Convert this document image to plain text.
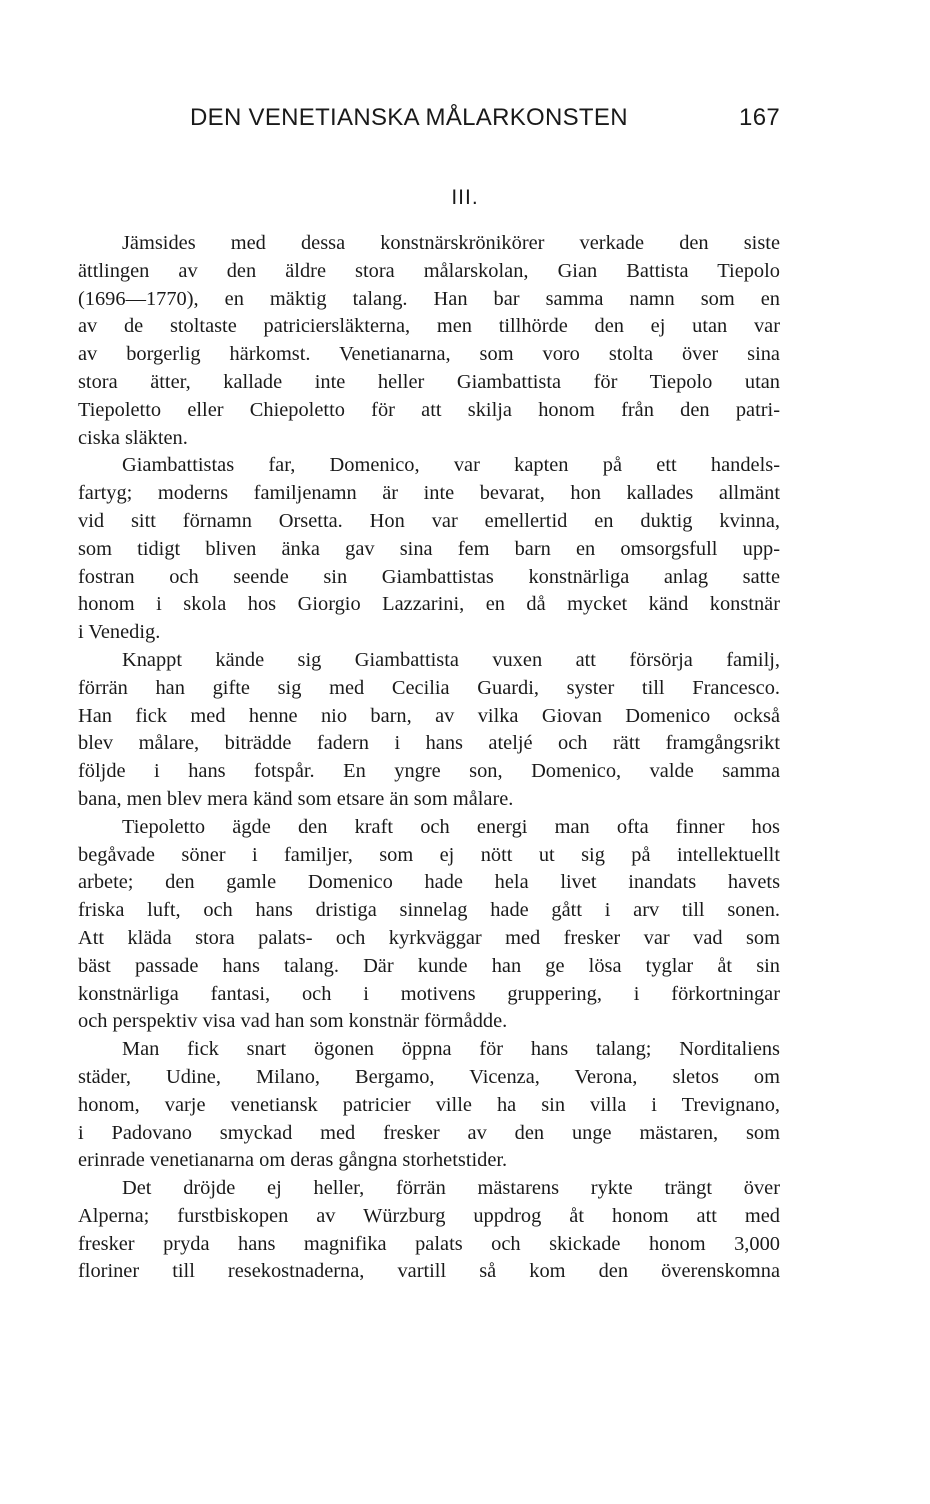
DEN VENETIANSKA MÅLARKONSTEN	167
III.
Jämsides med dessa konstnärskrönikörer verkade den siste
ättlingen av den äldre stora målarskolan, Gian Battista Tiepolo
(1696—1770), en mäktig talang. Han bar samma namn som en
av de stoltaste patriciersläkterna, men tillhörde den ej utan var
av borgerlig härkomst. Venetianarna, som voro stolta över sina
stora ätter, kallade inte heller Giambattista för Tiepolo utan
Tiepoletto eller Chiepoletto för att skilja honom från den patri-
ciska släkten.
Giambattistas far, Domenico, var kapten på ett handels-
fartyg; moderns familjenamn är inte bevarat, hon kallades allmänt
vid sitt förnamn Orsetta. Hon var emellertid en duktig kvinna,
som tidigt bliven änka gav sina fem barn en omsorgsfull upp-
fostran och seende sin Giambattistas konstnärliga anlag satte
honom i skola hos Giorgio Lazzarini, en då mycket känd konstnär
i Venedig.
Knappt kände sig Giambattista vuxen att försörja familj,
förrän han gifte sig med Cecilia Guardi, syster till Francesco.
Han fick med henne nio barn, av vilka Giovan Domenico också
blev målare, biträdde fadern i hans ateljé och rätt framgångsrikt
följde i hans fotspår. En yngre son, Domenico, valde samma
bana, men blev mera känd som etsare än som målare.
Tiepoletto ägde den kraft och energi man ofta finner hos
begåvade söner i familjer, som ej nött ut sig på intellektuellt
arbete; den gamle Domenico hade hela livet inandats havets
friska luft, och hans dristiga sinnelag hade gått i arv till sonen.
Att kläda stora palats- och kyrkväggar med fresker var vad som
bäst passade hans talang. Där kunde han ge lösa tyglar åt sin
konstnärliga fantasi, och i motivens gruppering, i förkortningar
och perspektiv visa vad han som konstnär förmådde.
Man fick snart ögonen öppna för hans talang; Norditaliens
städer, Udine, Milano, Bergamo, Vicenza, Verona, sletos om
honom, varje venetiansk patricier ville ha sin villa i Trevignano,
i Padovano smyckad med fresker av den unge mästaren, som
erinrade venetianarna om deras gångna storhetstider.
Det dröjde ej heller, förrän mästarens rykte trängt över
Alperna; furstbiskopen av Würzburg uppdrog åt honom att med
fresker pryda hans magnifika palats och skickade honom 3,000
floriner till resekostnaderna, vartill så kom den överenskomna
